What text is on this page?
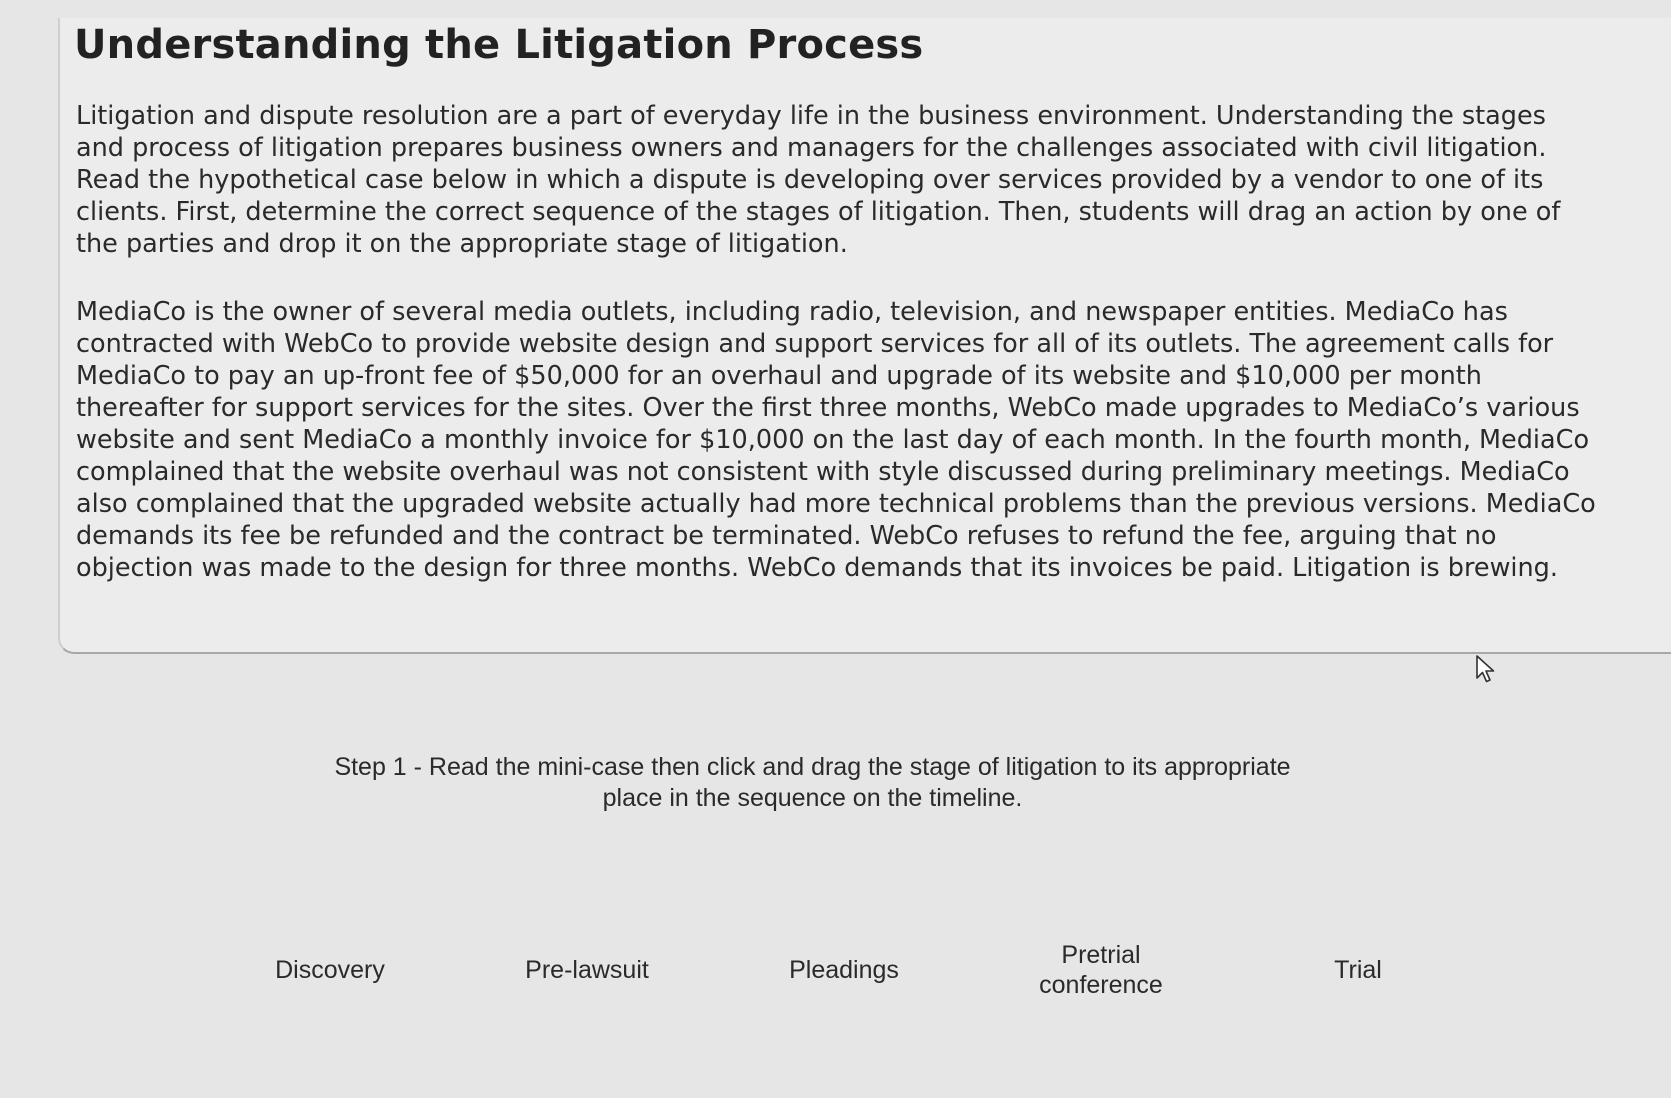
Understanding the Litigation Process

Litigation and dispute resolution are a part of everyday life in the business environment. Understanding the stages and process of litigation prepares business owners and managers for the challenges associated with civil litigation. Read the hypothetical case below in which a dispute is developing over services provided by a vendor to one of its clients. First, determine the correct sequence of the stages of litigation. Then, students will drag an action by one of the parties and drop it on the appropriate stage of litigation.

MediaCo is the owner of several media outlets, including radio, television, and newspaper entities. MediaCo has contracted with WebCo to provide website design and support services for all of its outlets. The agreement calls for MediaCo to pay an up-front fee of $50,000 for an overhaul and upgrade of its website and $10,000 per month thereafter for support services for the sites. Over the first three months, WebCo made upgrades to MediaCo’s various website and sent MediaCo a monthly invoice for $10,000 on the last day of each month. In the fourth month, MediaCo complained that the website overhaul was not consistent with style discussed during preliminary meetings. MediaCo also complained that the upgraded website actually had more technical problems than the previous versions. MediaCo demands its fee be refunded and the contract be terminated. WebCo refuses to refund the fee, arguing that no objection was made to the design for three months. WebCo demands that its invoices be paid. Litigation is brewing.

Step 1 - Read the mini-case then click and drag the stage of litigation to its appropriate
place in the sequence on the timeline.
Discovery	Pre-lawsuit	Pleadings
Pretrial
conference
Trial
